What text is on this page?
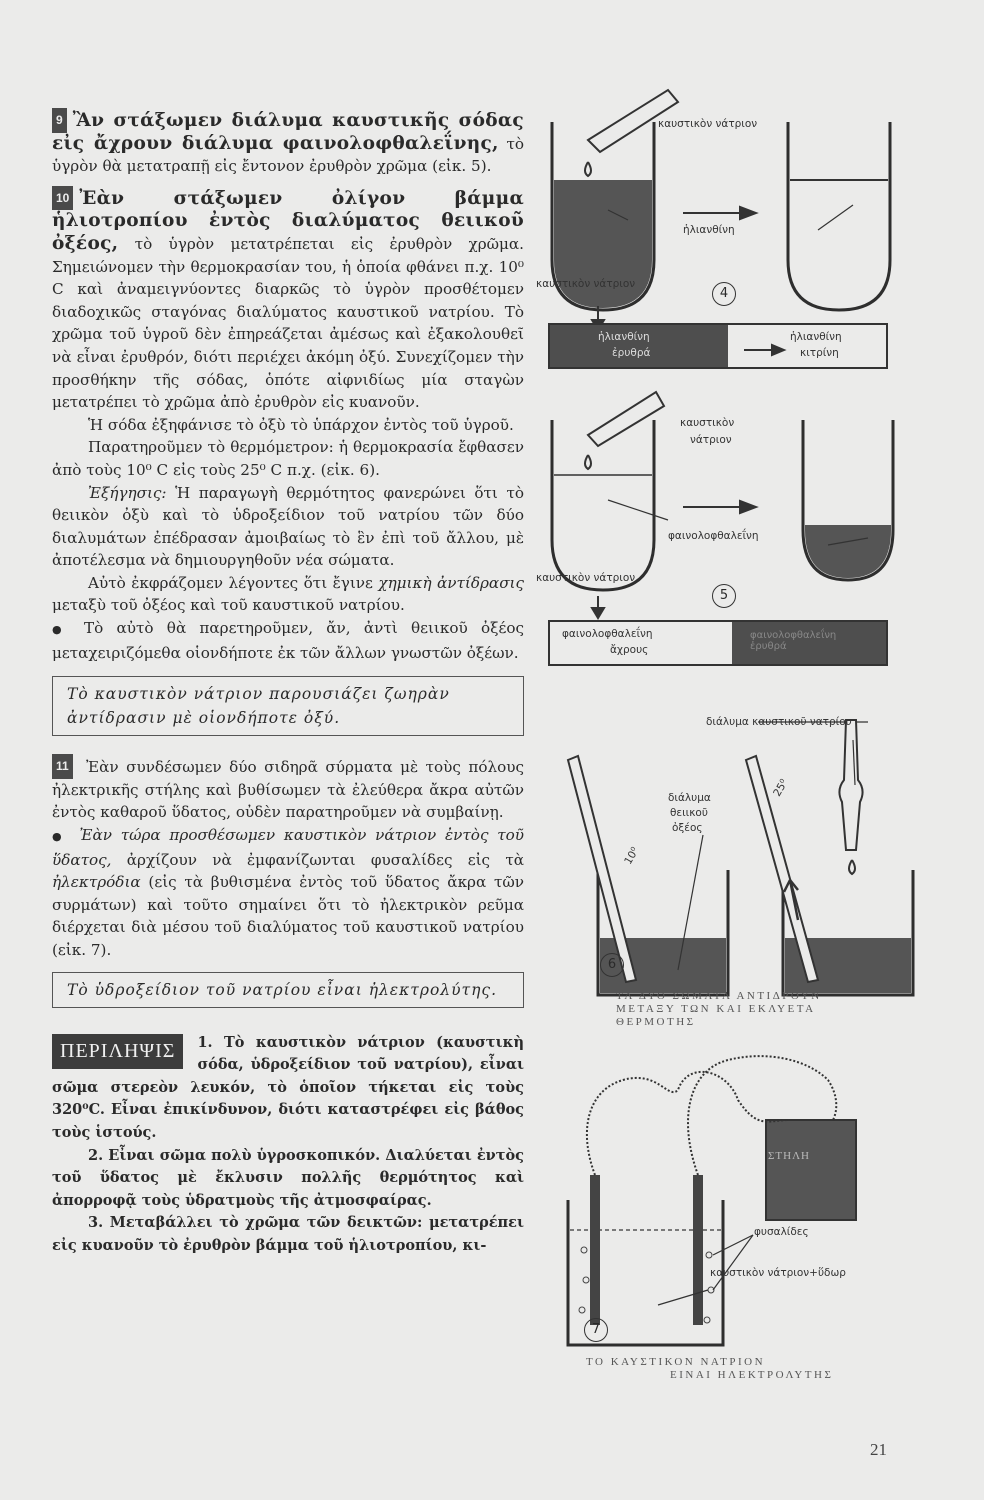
9 Ἂν στάξωμεν διάλυμα καυστικῆς σόδας εἰς ἄχρουν διάλυμα φαινολοφθαλεΐνης, τὸ ὑγρὸν θὰ μετατραπῇ εἰς ἔντονον ἐρυθρὸν χρῶμα (εἰκ. 5).

10 Ἐὰν στάξωμεν ὀλίγον βάμμα ἡλιοτροπίου ἐντὸς διαλύματος θειικοῦ ὀξέος, τὸ ὑγρὸν μετατρέπεται εἰς ἐρυθρὸν χρῶμα. Σημειώνομεν τὴν θερμοκρασίαν του, ἡ ὁποία φθάνει π.χ. 10⁰ C καὶ ἀναμειγνύοντες διαρκῶς τὸ ὑγρὸν προσθέτομεν διαδοχικῶς σταγόνας διαλύματος καυστικοῦ νατρίου. Τὸ χρῶμα τοῦ ὑγροῦ δὲν ἐπηρεάζεται ἀμέσως καὶ ἐξακολουθεῖ νὰ εἶναι ἐρυθρόν, διότι περιέχει ἀκόμη ὀξύ. Συνεχίζομεν τὴν προσθήκην τῆς σόδας, ὁπότε αἰφνιδίως μία σταγὼν μετατρέπει τὸ χρῶμα ἀπὸ ἐρυθρὸν εἰς κυανοῦν.

Ἡ σόδα ἐξηφάνισε τὸ ὀξὺ τὸ ὑπάρχον ἐντὸς τοῦ ὑγροῦ.

Παρατηροῦμεν τὸ θερμόμετρον: ἡ θερμοκρασία ἔφθασεν ἀπὸ τοὺς 10⁰ C εἰς τοὺς 25⁰ C π.χ. (εἰκ. 6).

Ἐξήγησις: Ἡ παραγωγὴ θερμότητος φανερώνει ὅτι τὸ θειικὸν ὀξὺ καὶ τὸ ὑδροξείδιον τοῦ νατρίου τῶν δύο διαλυμάτων ἐπέδρασαν ἀμοιβαίως τὸ ἓν ἐπὶ τοῦ ἄλλου, μὲ ἀποτέλεσμα νὰ δημιουργηθοῦν νέα σώματα.

Αὐτὸ ἐκφράζομεν λέγοντες ὅτι ἔγινε χημικὴ ἀντίδρασις μεταξὺ τοῦ ὀξέος καὶ τοῦ καυστικοῦ νατρίου.

● Τὸ αὐτὸ θὰ παρετηροῦμεν, ἄν, ἀντὶ θειικοῦ ὀξέος μεταχειριζόμεθα οἱονδήποτε ἐκ τῶν ἄλλων γνωστῶν ὀξέων.

Τὸ καυστικὸν νάτριον παρουσιάζει ζωηρὰν ἀντίδρασιν μὲ οἱονδήποτε ὀξύ.

11 Ἐὰν συνδέσωμεν δύο σιδηρᾶ σύρματα μὲ τοὺς πόλους ἠλεκτρικῆς στήλης καὶ βυθίσωμεν τὰ ἐλεύθερα ἄκρα αὐτῶν ἐντὸς καθαροῦ ὕδατος, οὐδὲν παρατηροῦμεν νὰ συμβαίνῃ.

● Ἐὰν τώρα προσθέσωμεν καυστικὸν νάτριον ἐντὸς τοῦ ὕδατος, ἀρχίζουν νὰ ἐμφανίζωνται φυσαλίδες εἰς τὰ ἠλεκτρόδια (εἰς τὰ βυθισμένα ἐντὸς τοῦ ὕδατος ἄκρα τῶν συρμάτων) καὶ τοῦτο σημαίνει ὅτι τὸ ἠλεκτρικὸν ρεῦμα διέρχεται διὰ μέσου τοῦ διαλύματος τοῦ καυστικοῦ νατρίου (εἰκ. 7).

Τὸ ὑδροξείδιον τοῦ νατρίου εἶναι ἠλεκτρολύτης.
ΠΕΡΙΛΗΨΙΣ	1. Τὸ καυστικὸν νάτριον (καυστικὴ σόδα, ὑδροξείδιον τοῦ νατρίου), εἶναι σῶμα στερεὸν λευκόν, τὸ ὁποῖον τήκεται εἰς τοὺς 320⁰C. Εἶναι ἐπικίνδυνον, διότι καταστρέφει εἰς βάθος τοὺς ἱστούς.

2. Εἶναι σῶμα πολὺ ὑγροσκοπικόν. Διαλύεται ἐντὸς τοῦ ὕδατος μὲ ἔκλυσιν πολλῆς θερμότητος καὶ ἀπορροφᾷ τοὺς ὑδρατμοὺς τῆς ἀτμοσφαίρας.

3. Μεταβάλλει τὸ χρῶμα τῶν δεικτῶν: μετατρέπει εἰς κυανοῦν τὸ ἐρυθρὸν βάμμα τοῦ ἡλιοτροπίου, κι-

καυστικὸν νάτριον
ἡλιανθίνη
καυστικὸν νάτριον
4
ἡλιανθίνη
ἐρυθρά
ἡλιανθίνη
κιτρίνη
καυστικὸν
νάτριον
φαινολοφθαλεΐνη
καυστικὸν νάτριον
5
φαινολοφθαλεΐνη
ἄχρους
φαινολοφθαλεΐνη ἐρυθρά
διάλυμα καυστικοῦ νατρίου
διάλυμα
θειικοῦ
ὀξέος
10⁰
25⁰
6
ΤΑ ΔΥΟ ΣΩΜΑΤΑ ΑΝΤΙΔΡΟΥΝ
ΜΕΤΑΞΥ ΤΩΝ ΚΑΙ ΕΚΛΥΕΤΑ
ΘΕΡΜΟΤΗΣ
ΣΤΗΛΗ
φυσαλίδες
καυστικὸν νάτριον+ὕδωρ
7
ΤΟ ΚΑΥΣΤΙΚΟΝ ΝΑΤΡΙΟΝ
ΕΙΝΑΙ ΗΛΕΚΤΡΟΛΥΤΗΣ
21
